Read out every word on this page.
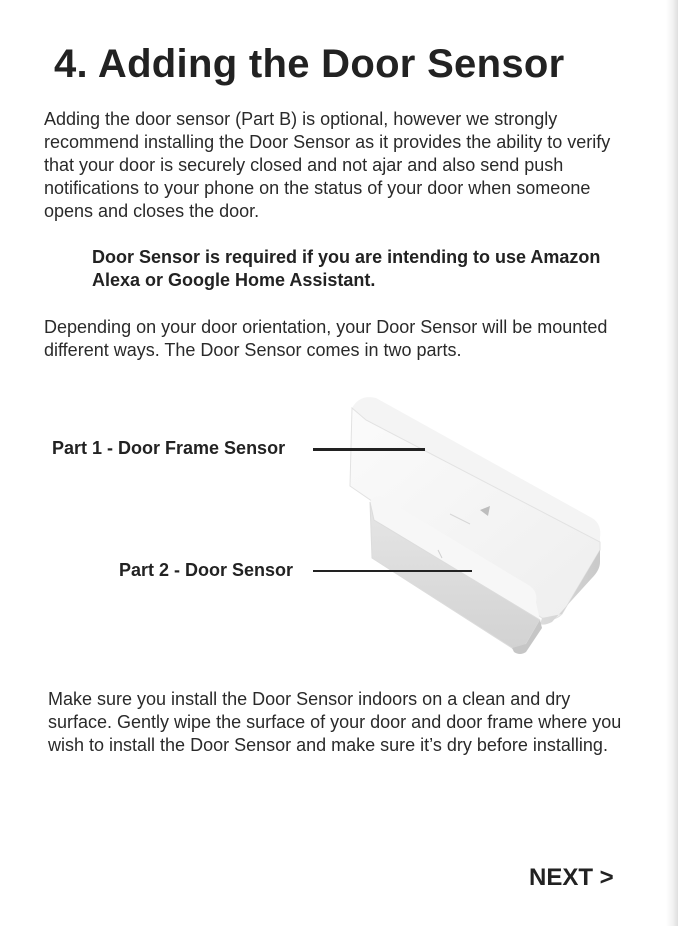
4. Adding the Door Sensor

Adding the door sensor (Part B) is optional, however we strongly recommend installing the Door Sensor as it provides the ability to verify that your door is securely closed and not ajar and also send push notifications to your phone on the status of your door when someone opens and closes the door.

Door Sensor is required if you are intending to use Amazon Alexa or Google Home Assistant.

Depending on your door orientation, your Door Sensor will be mounted different ways. The Door Sensor comes in two parts.

Part 1 - Door Frame Sensor
Part 2 - Door Sensor

Make sure you install the Door Sensor indoors on a clean and dry surface. Gently wipe the surface of your door and door frame where you wish to install the Door Sensor and make sure it’s dry before installing.

NEXT >
